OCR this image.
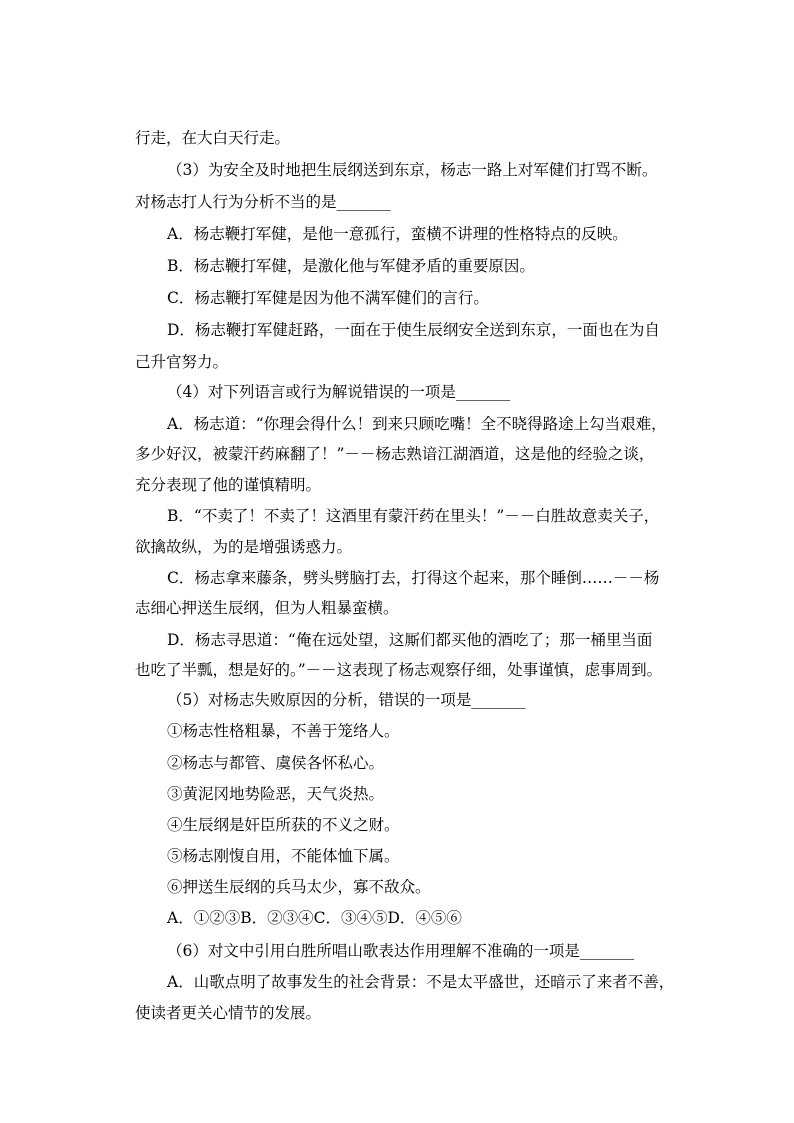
行走，在大白天行走。
（3）为安全及时地把生辰纲送到东京，杨志一路上对军健们打骂不断。
对杨志打人行为分析不当的是_______
A．杨志鞭打军健，是他一意孤行，蛮横不讲理的性格特点的反映。
B．杨志鞭打军健，是激化他与军健矛盾的重要原因。
C．杨志鞭打军健是因为他不满军健们的言行。
D．杨志鞭打军健赶路，一面在于使生辰纲安全送到东京，一面也在为自
己升官努力。
（4）对下列语言或行为解说错误的一项是_______
A．杨志道：“你理会得什么！到来只顾吃嘴！全不晓得路途上勾当艰难，
多少好汉，被蒙汗药麻翻了！”－－杨志熟谙江湖酒道，这是他的经验之谈，
充分表现了他的谨慎精明。
B．“不卖了！不卖了！这酒里有蒙汗药在里头！”－－白胜故意卖关子，
欲擒故纵，为的是增强诱惑力。
C．杨志拿来藤条，劈头劈脑打去，打得这个起来，那个睡倒……－－杨
志细心押送生辰纲，但为人粗暴蛮横。
D．杨志寻思道：“俺在远处望，这厮们都买他的酒吃了；那一桶里当面
也吃了半瓢，想是好的。”－－这表现了杨志观察仔细，处事谨慎，虑事周到。
（5）对杨志失败原因的分析，错误的一项是_______
①杨志性格粗暴，不善于笼络人。
②杨志与都管、虞侯各怀私心。
③黄泥冈地势险恶，天气炎热。
④生辰纲是奸臣所获的不义之财。
⑤杨志刚愎自用，不能体恤下属。
⑥押送生辰纲的兵马太少，寡不敌众。
A．①②③B．②③④C．③④⑤D．④⑤⑥
（6）对文中引用白胜所唱山歌表达作用理解不准确的一项是_______
A．山歌点明了故事发生的社会背景：不是太平盛世，还暗示了来者不善，
使读者更关心情节的发展。
